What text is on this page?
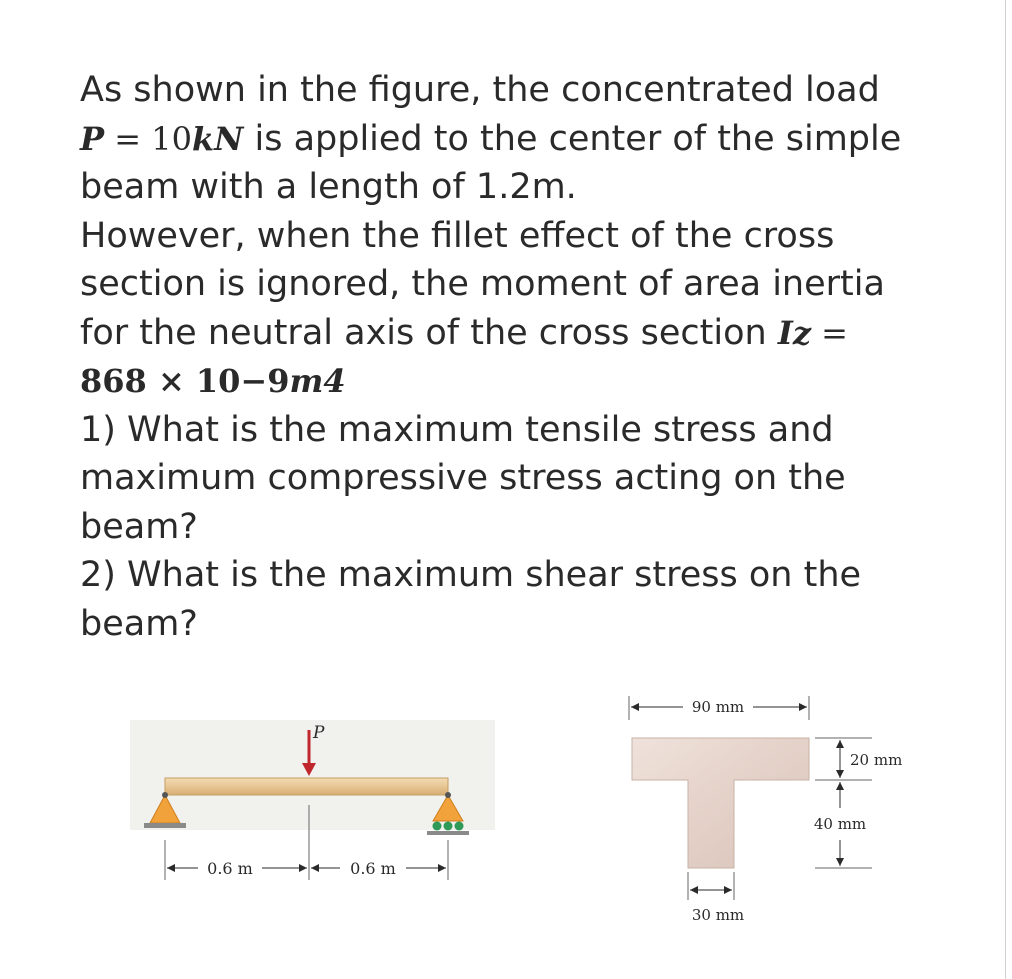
As shown in the figure, the concentrated load
P = 10kN is applied to the center of the simple
beam with a length of 1.2m.
However, when the fillet effect of the cross
section is ignored, the moment of area inertia
for the neutral axis of the cross section Iz =
868 × 10−9m4
1) What is the maximum tensile stress and
maximum compressive stress acting on the
beam?
2) What is the maximum shear stress on the
beam?
P
0.6 m	0.6 m
90 mm
20 mm
40 mm
30 mm
